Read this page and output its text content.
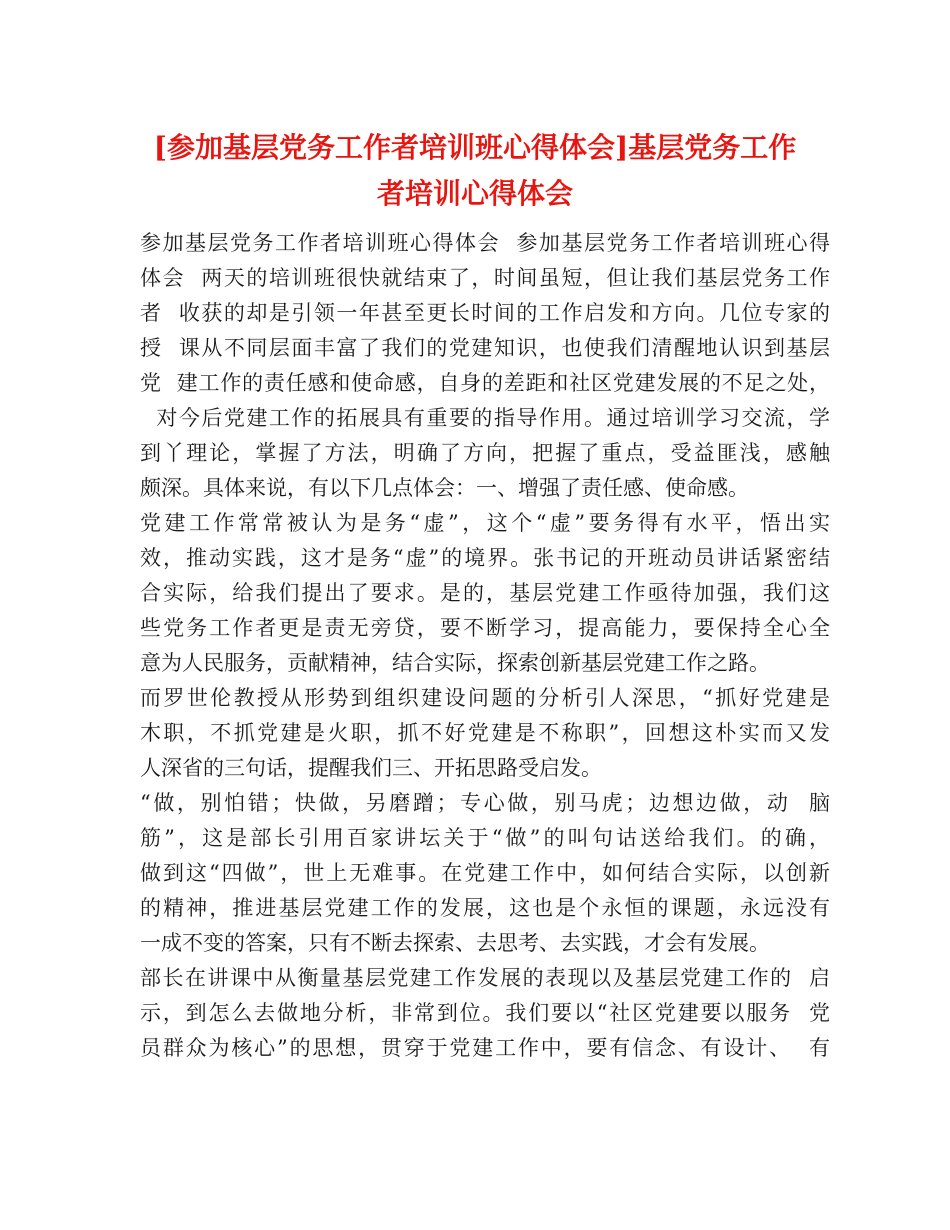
[参加基层党务工作者培训班心得体会]基层党务工作
者培训心得体会
参加基层党务工作者培训班心得体会  参加基层党务工作者培训班心得
体会  两天的培训班很快就结束了，时间虽短，但让我们基层党务工作
者  收获的却是引领一年甚至更长时间的工作启发和方向。几位专家的
授  课从不同层面丰富了我们的党建知识，也使我们清醒地认识到基层
党  建工作的责任感和使命感，自身的差距和社区党建发展的不足之处，
对今后党建工作的拓展具有重要的指导作用。通过培训学习交流，学
到丫理论，掌握了方法，明确了方向，把握了重点，受益匪浅，感触
颇深。具体来说，有以下几点体会：一、增强了责任感、使命感。
党建工作常常被认为是务“虚”，这个“虚”要务得有水平，悟出实
效，推动实践，这才是务“虚”的境界。张书记的开班动员讲话紧密结
合实际，给我们提出了要求。是的，基层党建工作亟待加强，我们这
些党务工作者更是责无旁贷，要不断学习，提高能力，要保持全心全
意为人民服务，贡献精神，结合实际，探索创新基层党建工作之路。
而罗世伦教授从形势到组织建设问题的分析引人深思，“抓好党建是
木职，不抓党建是火职，抓不好党建是不称职”，回想这朴实而又发
人深省的三句话，提醒我们三、开拓思路受启发。
“做，别怕错；快做，另磨蹭；专心做，别马虎；边想边做，动  脑
筋”，这是部长引用百家讲坛关于“做”的叫句诂送给我们。的确，
做到这“四做”，世上无难事。在党建工作中，如何结合实际，以创新
的精神，推进基层党建工作的发展，这也是个永恒的课题，永远没有
一成不变的答案，只有不断去探索、去思考、去实践，才会有发展。
部长在讲课中从衡量基层党建工作发展的表现以及基层党建工作的  启
示，到怎么去做地分析，非常到位。我们要以“社区党建要以服务  党
员群众为核心”的思想，贯穿于党建工作中，要有信念、有设计、  有
